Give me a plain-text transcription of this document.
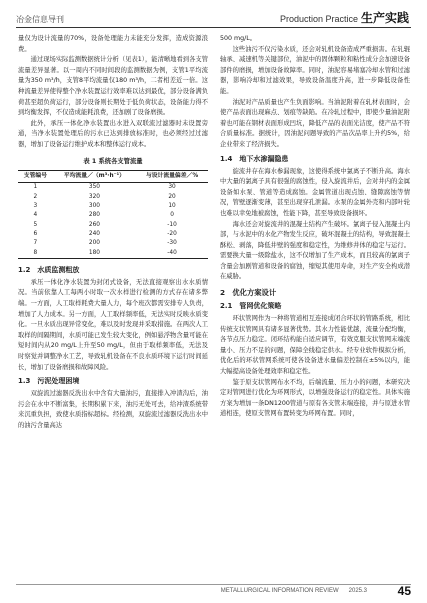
冶金信息导刊	Production Practice 生产实践

量仅为设计流量的70%，设备处理能力未能充分发挥，造成资源浪费。

通过现场实际监测数据统计分析（见表1），能清晰地看到各支管流量差异显著。以一周内不同时间段的监测数据为例，支管1平均流量为350 m³/h，支管8平均流量仅180 m³/h，二者相差近一倍。这种流量差异使得整个净水装置运行效率难以达到最优，部分设备满负荷甚至超负荷运行，部分设备则长期处于低负荷状态，设备能力得不到均衡发挥，不仅造成能耗浪费，还加剧了设备磨损。

此外，承压一体化净水装置出水进入双联流过滤器时未设置旁通，当净水装置处理后的污水已达到排放标准时，也必须经过过滤器，增加了设备运行维护成本和整体运行成本。

表 1 系统各支管流量
支管编号	平均流量／（m³·h⁻¹）	与设计流量偏差／%
1	350	30
2	320	20
3	300	10
4	280	0
5	260	-10
6	240	-20
7	200	-30
8	180	-40
1.2　水质监测粗放

承压一体化净水装置为封闭式设备，无法直接观察出水水质情况。当前依靠人工每两小时取一次水样进行检测的方式存在诸多弊端。一方面，人工取样耗费大量人力，每个班次都需安排专人负责，增加了人力成本。另一方面，人工取样频率低，无法实时反映水质变化。一旦水质出现异常变化，难以及时发现并采取措施。在两次人工取样的间隔期间，水质可能已发生较大变化，例如悬浮物含量可能在短时间内从20 mg/L上升至50 mg/L，但由于取样频率低，无法及时察觉并调整净水工艺，导致轧机设备在不良水质环境下运行时间延长，增加了设备磨损和故障风险。

1.3　污泥处理困境

双旋流过滤器反洗出水中含有大量油污，直接排入冲渣沟后，油污会在水中不断富集，长期积累下来，油污无处可去，给冲渣系统带来沉重负担，致使水质指标超标。经检测，双旋流过滤器反洗出水中的油污含量高达

500 mg/L。

这些油污不仅污染水质，还会对轧机设备造成严重损害。在轧辊轴承、减速机等关键部位，油泥中的固体颗粒和粘性成分会加速设备部件的磨损，增加设备故障率。同时，油泥容易堵塞冷却水管和过滤器，影响冷却和过滤效果，导致设备温度升高，进一步降低设备性能。

油泥对产品质量也产生负面影响。当油泥附着在轧材表面时，会使产品表面出现麻点、划痕等缺陷。在冷轧过程中，即使少量油泥附着也可能在钢材表面形成凹坑，降低产品的表面光洁度，使产品不符合质量标准。据统计，因油泥问题导致的产品次品率上升约5%，给企业带来了经济损失。

1.4　地下水渗漏隐患

旋流井存在海水参漏现象，这使得系统中氯离子不断升高。海水中大量的氯离子具有很强的腐蚀性，侵入旋流井后，会对井内的金属设备如水泵、管道等造成腐蚀。金属管道出现点蚀、缝隙腐蚀等情况，管壁逐渐变薄，甚至出现穿孔泄漏。水泵的金属外壳和内部叶轮也难以幸免地被腐蚀，性能下降，甚至导致设备损坏。

海水还会对旋流井的混凝土结构产生破坏。氯离子侵入混凝土内部，与水泥中的水化产物发生反应，破坏混凝土的结构，导致混凝土酥松、剥落，降低井壁的强度和稳定性，为维修井体的稳定与运行。需要换大量一级除盐水，这不仅增加了生产成本，而且较高的氯离子含量会加剧管道和设备的腐蚀，缩短其使用寿命，对生产安全构成潜在威胁。

2　优化方案设计
2.1　管网优化策略

环状管网作为一种将管道相互连接成闭合环状的管路系统，相比传统支状管网具有诸多显著优势。其水力性能优越，流量分配均衡，各节点压力稳定。闭环结构能自适应调节，有效克服支状管网末端流量小、压力不足的问题，保障全线稳定供水。经专业软件模拟分析，优化后的环状管网系统可使各设备进水量偏差控制在±5%以内，能大幅提高设备处理效率和稳定性。

鉴于原支状管网布水不均，后端流量、压力小的问题，本研究决定对管网进行优化为环网形式，以增强设备运行的稳定性。具体实施方案为增加一条DN1200管道与原有各支管末端连接，并与原进水管道相连，使原支管网布置转变为环网布置。同时，

METALLURGICAL INFORMATION REVIEW 2025.3	45
